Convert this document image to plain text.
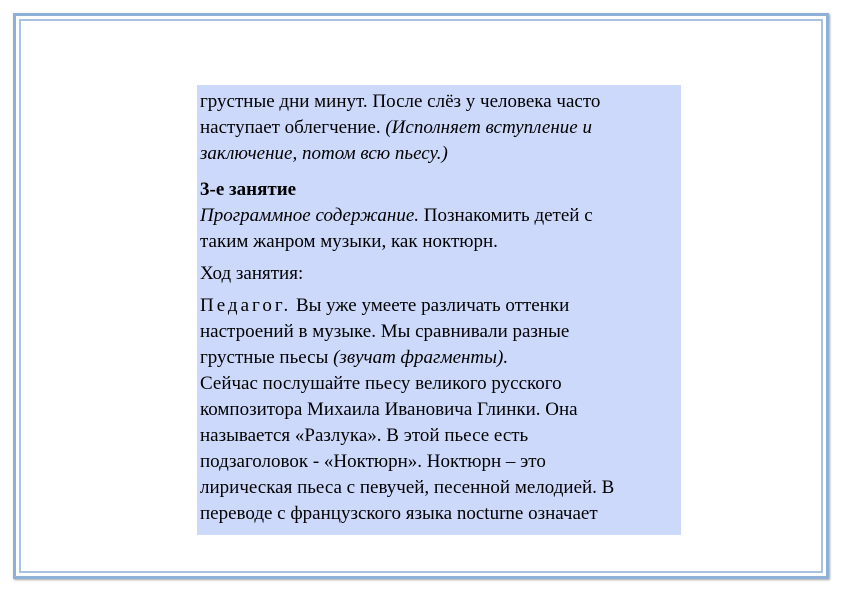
грустные дни минут. После слёз у человека часто
наступает облегчение. (Исполняет вступление и
заключение, потом всю пьесу.)
3-е занятие
Программное содержание. Познакомить детей с
таким жанром музыки, как ноктюрн.
Ход занятия:
Педагог. Вы уже умеете различать оттенки
настроений в музыке. Мы сравнивали разные
грустные пьесы (звучат фрагменты).
Сейчас послушайте пьесу великого русского
композитора Михаила Ивановича Глинки. Она
называется «Разлука». В этой пьесе есть
подзаголовок - «Ноктюрн». Ноктюрн – это
лирическая пьеса с певучей, песенной мелодией. В
переводе с французского языка nocturne означает
